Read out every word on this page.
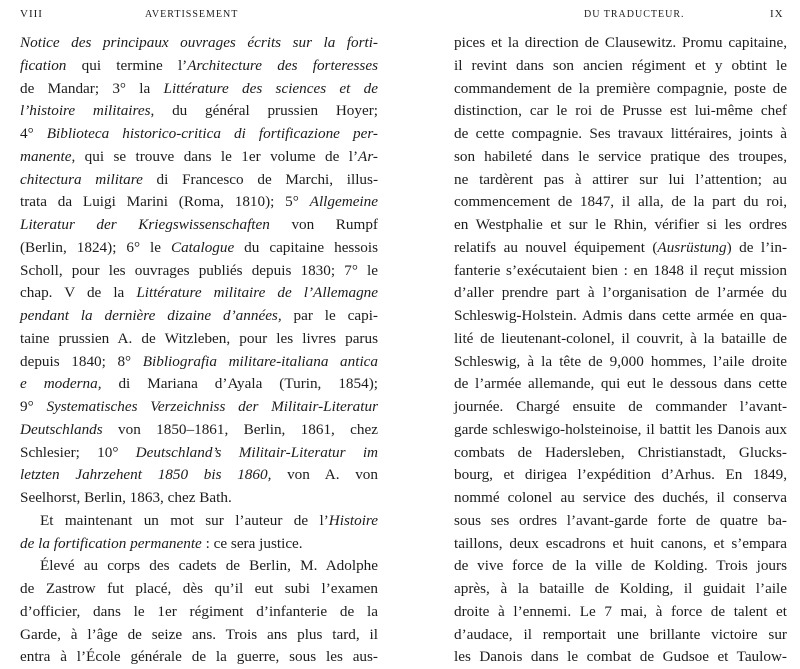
VIII	AVERTISSEMENT
Notice des principaux ouvrages écrits sur la forti-
fication qui termine l’Architecture des forteresses
de Mandar; 3° la Littérature des sciences et de
l’histoire militaires, du général prussien Hoyer;
4° Biblioteca historico-critica di fortificazione per-
manente, qui se trouve dans le 1er volume de l’Ar-
chitectura militare di Francesco de Marchi, illus-
trata da Luigi Marini (Roma, 1810); 5° Allgemeine
Literatur der Kriegswissenschaften von Rumpf
(Berlin, 1824); 6° le Catalogue du capitaine hessois
Scholl, pour les ouvrages publiés depuis 1830; 7° le
chap. V de la Littérature militaire de l’Allemagne
pendant la dernière dizaine d’années, par le capi-
taine prussien A. de Witzleben, pour les livres parus
depuis 1840; 8° Bibliografia militare-italiana antica
e moderna, di Mariana d’Ayala (Turin, 1854);
9° Systematisches Verzeichniss der Militair-Literatur
Deutschlands von 1850–1861, Berlin, 1861, chez
Schlesier; 10° Deutschland’s Militair-Literatur im
letzten Jahrzehent 1850 bis 1860, von A. von
Seelhorst, Berlin, 1863, chez Bath.
Et maintenant un mot sur l’auteur de l’Histoire
de la fortification permanente : ce sera justice.
Élevé au corps des cadets de Berlin, M. Adolphe
de Zastrow fut placé, dès qu’il eut subi l’examen
d’officier, dans le 1er régiment d’infanterie de la
Garde, à l’âge de seize ans. Trois ans plus tard, il
entra à l’École générale de la guerre, sous les aus-
IX
DU TRADUCTEUR.
pices et la direction de Clausewitz. Promu capitaine,
il revint dans son ancien régiment et y obtint le
commandement de la première compagnie, poste de
distinction, car le roi de Prusse est lui-même chef
de cette compagnie. Ses travaux littéraires, joints à
son habileté dans le service pratique des troupes,
ne tardèrent pas à attirer sur lui l’attention; au
commencement de 1847, il alla, de la part du roi,
en Westphalie et sur le Rhin, vérifier si les ordres
relatifs au nouvel équipement (Ausrüstung) de l’in-
fanterie s’exécutaient bien : en 1848 il reçut mission
d’aller prendre part à l’organisation de l’armée du
Schleswig-Holstein. Admis dans cette armée en qua-
lité de lieutenant-colonel, il couvrit, à la bataille de
Schleswig, à la tête de 9,000 hommes, l’aile droite
de l’armée allemande, qui eut le dessous dans cette
journée. Chargé ensuite de commander l’avant-
garde schleswigo-holsteinoise, il battit les Danois aux
combats de Hadersleben, Christianstadt, Glucks-
bourg, et dirigea l’expédition d’Arhus. En 1849,
nommé colonel au service des duchés, il conserva
sous ses ordres l’avant-garde forte de quatre ba-
taillons, deux escadrons et huit canons, et s’empara
de vive force de la ville de Kolding. Trois jours
après, à la bataille de Kolding, il guidait l’aile
droite à l’ennemi. Le 7 mai, à force de talent et
d’audace, il remportait une brillante victoire sur
les Danois dans le combat de Gudsoe et Taulow-
